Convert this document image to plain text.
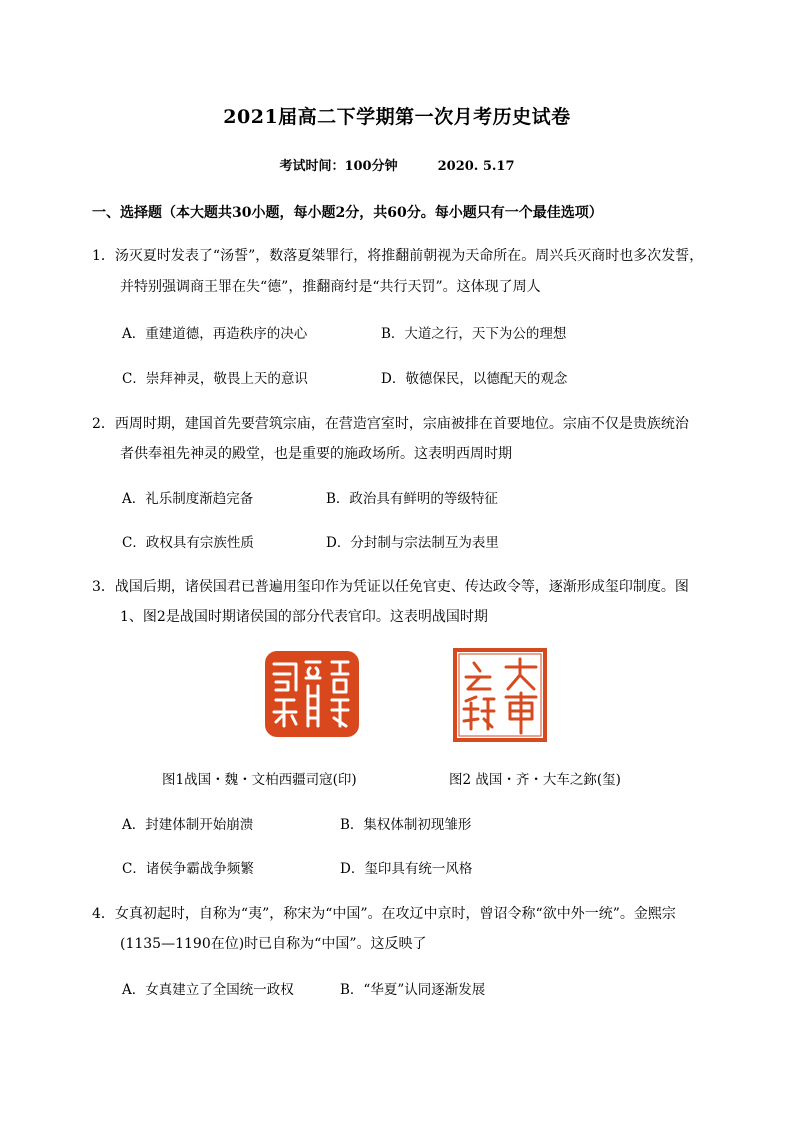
2021届高二下学期第一次月考历史试卷
考试时间：100分钟	2020. 5.17
一、选择题（本大题共30小题，每小题2分，共60分。每小题只有一个最佳选项）
1．汤灭夏时发表了“汤誓”，数落夏桀罪行，将推翻前朝视为天命所在。周兴兵灭商时也多次发誓，
并特别强调商王罪在失“德”，推翻商纣是“共行天罚”。这体现了周人
A．重建道德，再造秩序的决心	B．大道之行，天下为公的理想
C．崇拜神灵，敬畏上天的意识	D．敬德保民，以德配天的观念
2．西周时期，建国首先要营筑宗庙，在营造宫室时，宗庙被排在首要地位。宗庙不仅是贵族统治
者供奉祖先神灵的殿堂，也是重要的施政场所。这表明西周时期
A．礼乐制度渐趋完备	B．政治具有鲜明的等级特征
C．政权具有宗族性质	D．分封制与宗法制互为表里
3．战国后期，诸侯国君已普遍用玺印作为凭证以任免官吏、传达政令等，逐渐形成玺印制度。图
1、图2是战国时期诸侯国的部分代表官印。这表明战国时期
图1战国・魏・文柏西疆司寇(印)	图2 战国・齐・大车之鉨(玺)
A．封建体制开始崩溃	B．集权体制初现雏形
C．诸侯争霸战争频繁	D．玺印具有统一风格
4．女真初起时，自称为“夷”，称宋为“中国”。在攻辽中京时，曾诏令称“欲中外一统”。金熙宗
(1135—1190在位)时已自称为“中国”。这反映了
A．女真建立了全国统一政权	B．“华夏”认同逐渐发展
